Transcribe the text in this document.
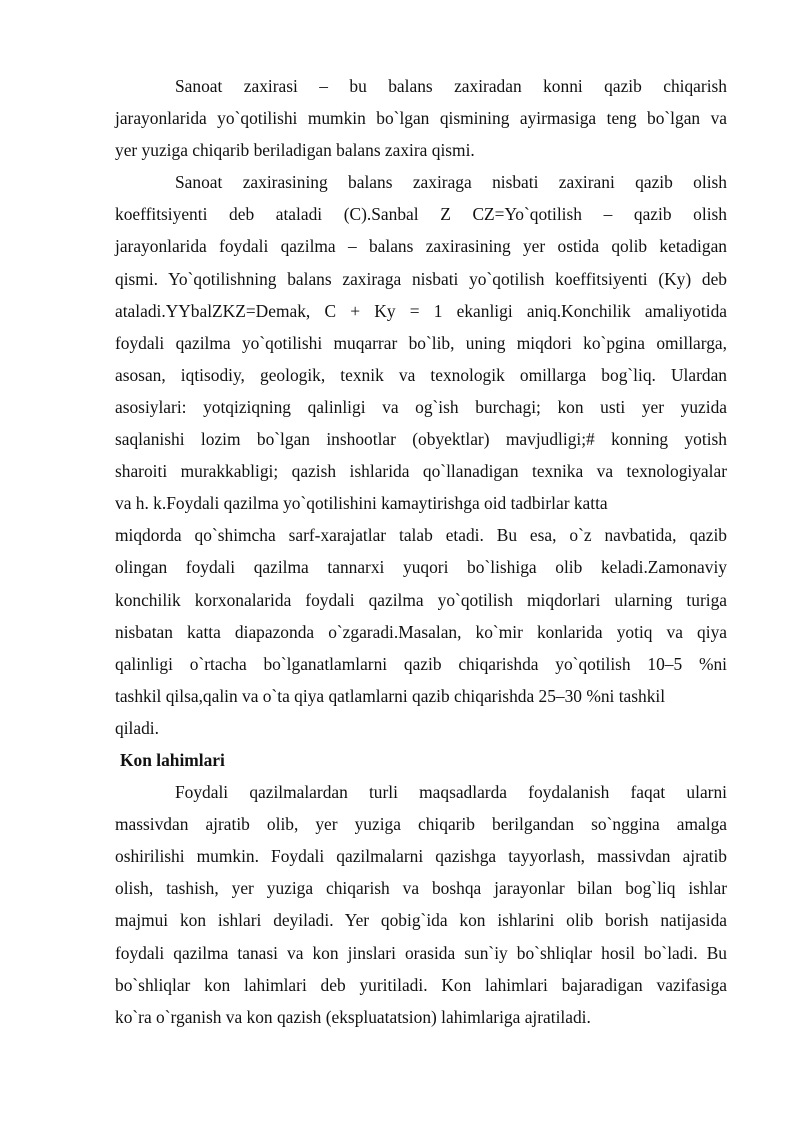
Sanoat zaxirasi – bu balans zaxiradan konni qazib chiqarish
jarayonlarida yo`qotilishi mumkin bo`lgan qismining ayirmasiga teng bo`lgan va
yer yuziga chiqarib beriladigan balans zaxira qismi.
Sanoat zaxirasining balans zaxiraga nisbati zaxirani qazib olish
koeffitsiyenti deb ataladi (C).Sanbal Z CZ=Yo`qotilish – qazib olish
jarayonlarida foydali qazilma – balans zaxirasining yer ostida qolib ketadigan
qismi. Yo`qotilishning balans zaxiraga nisbati yo`qotilish koeffitsiyenti (Ky) deb
ataladi.YYbalZKZ=Demak, C + Ky = 1 ekanligi aniq.Konchilik amaliyotida
foydali qazilma yo`qotilishi muqarrar bo`lib, uning miqdori ko`pgina omillarga,
asosan, iqtisodiy, geologik, texnik va texnologik omillarga bog`liq. Ulardan
asosiylari: yotqiziqning qalinligi va og`ish burchagi; kon usti yer yuzida
saqlanishi lozim bo`lgan inshootlar (obyektlar) mavjudligi;# konning yotish
sharoiti murakkabligi; qazish ishlarida qo`llanadigan texnika va texnologiyalar
va h. k.Foydali qazilma yo`qotilishini kamaytirishga oid tadbirlar katta
miqdorda qo`shimcha sarf-xarajatlar talab etadi. Bu esa, o`z navbatida, qazib
olingan foydali qazilma tannarxi yuqori bo`lishiga olib keladi.Zamonaviy
konchilik korxonalarida foydali qazilma yo`qotilish miqdorlari ularning turiga
nisbatan katta diapazonda o`zgaradi.Masalan, ko`mir konlarida yotiq va qiya
qalinligi o`rtacha bo`lganatlamlarni qazib chiqarishda yo`qotilish 10–5 %ni
tashkil qilsa,qalin va o`ta qiya qatlamlarni qazib chiqarishda 25–30 %ni tashkil
qiladi.

Kon lahimlari

Foydali qazilmalardan turli maqsadlarda foydalanish faqat ularni
massivdan ajratib olib, yer yuziga chiqarib berilgandan so`nggina amalga
oshirilishi mumkin. Foydali qazilmalarni qazishga tayyorlash, massivdan ajratib
olish, tashish, yer yuziga chiqarish va boshqa jarayonlar bilan bog`liq ishlar
majmui kon ishlari deyiladi. Yer qobig`ida kon ishlarini olib borish natijasida
foydali qazilma tanasi va kon jinslari orasida sun`iy bo`shliqlar hosil bo`ladi. Bu
bo`shliqlar kon lahimlari deb yuritiladi. Kon lahimlari bajaradigan vazifasiga
ko`ra o`rganish va kon qazish (ekspluatatsion) lahimlariga ajratiladi.
